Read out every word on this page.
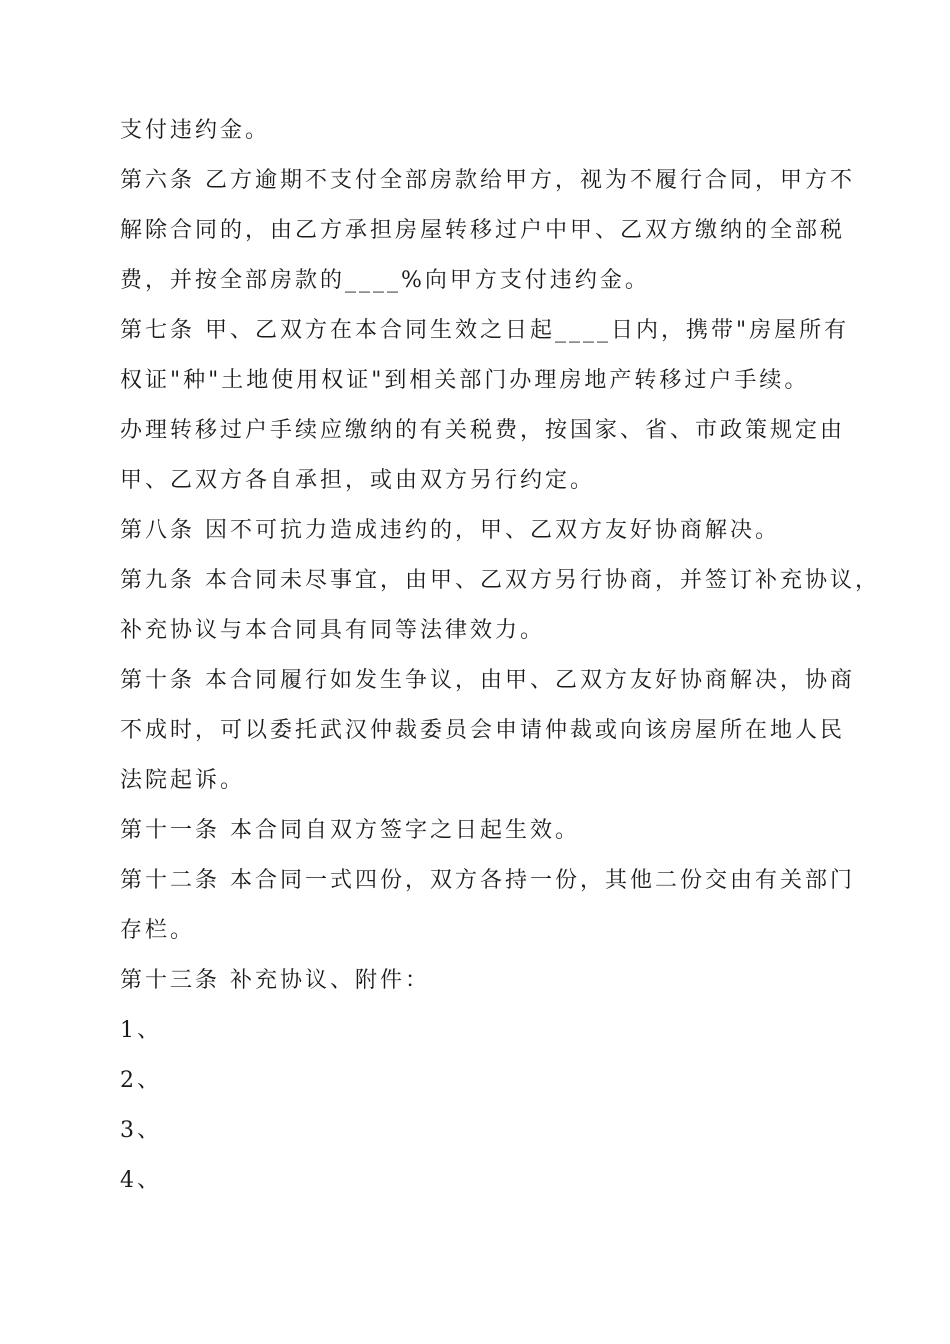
支付违约金。
第六条 乙方逾期不支付全部房款给甲方，视为不履行合同，甲方不
解除合同的，由乙方承担房屋转移过户中甲、乙双方缴纳的全部税
费，并按全部房款的____%向甲方支付违约金。
第七条 甲、乙双方在本合同生效之日起____日内，携带"房屋所有
权证"种"土地使用权证"到相关部门办理房地产转移过户手续。
办理转移过户手续应缴纳的有关税费，按国家、省、市政策规定由
甲、乙双方各自承担，或由双方另行约定。
第八条 因不可抗力造成违约的，甲、乙双方友好协商解决。
第九条 本合同未尽事宜，由甲、乙双方另行协商，并签订补充协议，
补充协议与本合同具有同等法律效力。
第十条 本合同履行如发生争议，由甲、乙双方友好协商解决，协商
不成时，可以委托武汉仲裁委员会申请仲裁或向该房屋所在地人民
法院起诉。
第十一条 本合同自双方签字之日起生效。
第十二条 本合同一式四份，双方各持一份，其他二份交由有关部门
存栏。
第十三条 补充协议、附件：
1、
2、
3、
4、
